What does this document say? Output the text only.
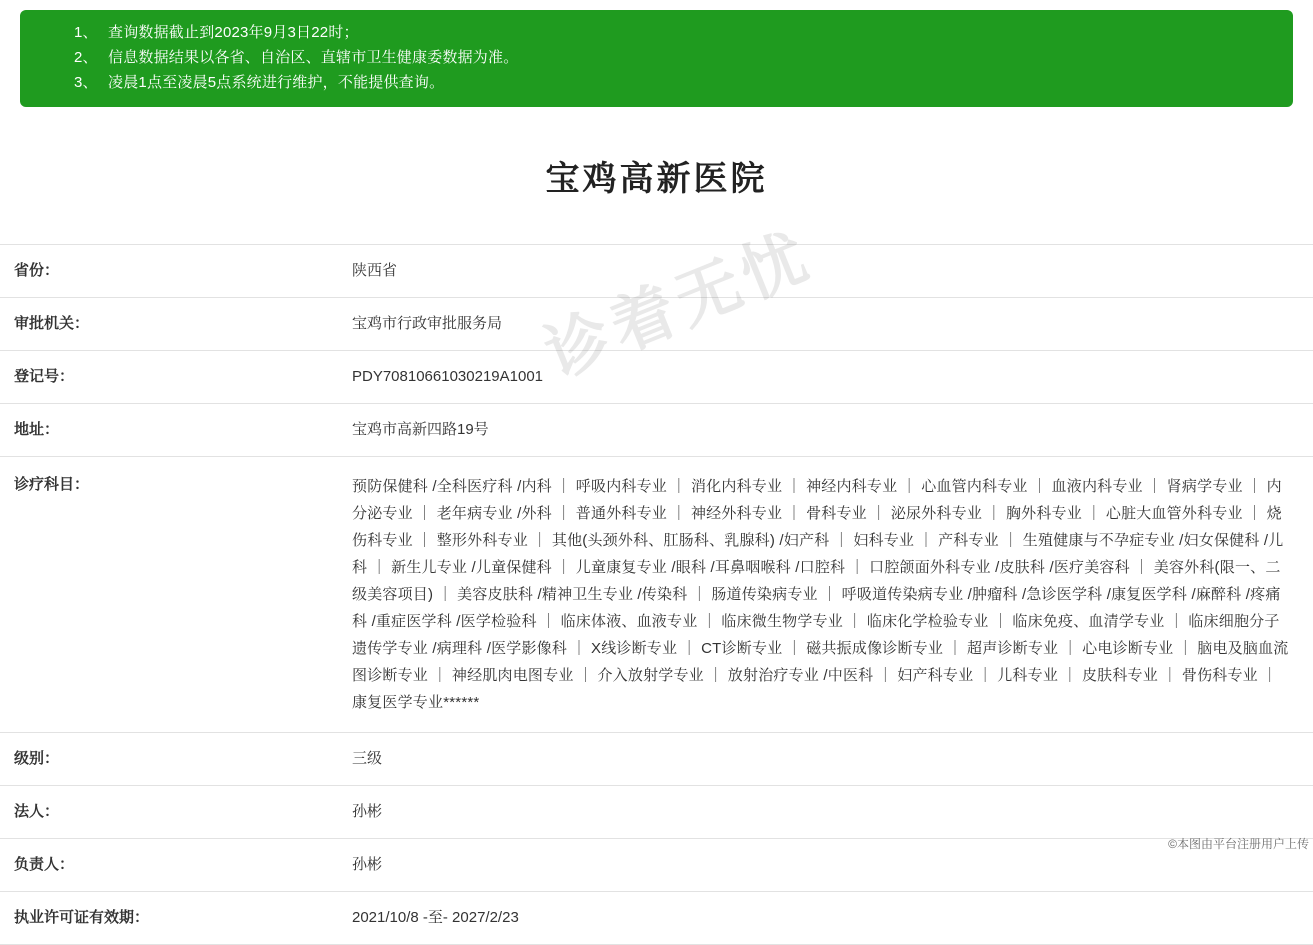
1、 查询数据截止到2023年9月3日22时；
2、 信息数据结果以各省、自治区、直辖市卫生健康委数据为准。
3、 凌晨1点至凌晨5点系统进行维护，不能提供查询。
宝鸡高新医院
省份：	陕西省
审批机关：	宝鸡市行政审批服务局
登记号：	PDY70810661030219A1001
地址：	宝鸡市高新四路19号
诊疗科目：	预防保健科 /全科医疗科 /内科 ｜ 呼吸内科专业 ｜ 消化内科专业 ｜ 神经内科专业 ｜ 心血管内科专业 ｜ 血液内科专业 ｜ 肾病学专业 ｜ 内分泌专业 ｜ 老年病专业 /外科 ｜ 普通外科专业 ｜ 神经外科专业 ｜ 骨科专业 ｜ 泌尿外科专业 ｜ 胸外科专业 ｜ 心脏大血管外科专业 ｜ 烧伤科专业 ｜ 整形外科专业 ｜ 其他(头颈外科、肛肠科、乳腺科) /妇产科 ｜ 妇科专业 ｜ 产科专业 ｜ 生殖健康与不孕症专业 /妇女保健科 /儿科 ｜ 新生儿专业 /儿童保健科 ｜ 儿童康复专业 /眼科 /耳鼻咽喉科 /口腔科 ｜ 口腔颌面外科专业 /皮肤科 /医疗美容科 ｜ 美容外科(限一、二级美容项目) ｜ 美容皮肤科 /精神卫生专业 /传染科 ｜ 肠道传染病专业 ｜ 呼吸道传染病专业 /肿瘤科 /急诊医学科 /康复医学科 /麻醉科 /疼痛科 /重症医学科 /医学检验科 ｜ 临床体液、血液专业 ｜ 临床微生物学专业 ｜ 临床化学检验专业 ｜ 临床免疫、血清学专业 ｜ 临床细胞分子遗传学专业 /病理科 /医学影像科 ｜ X线诊断专业 ｜ CT诊断专业 ｜ 磁共振成像诊断专业 ｜ 超声诊断专业 ｜ 心电诊断专业 ｜ 脑电及脑血流图诊断专业 ｜ 神经肌肉电图专业 ｜ 介入放射学专业 ｜ 放射治疗专业 /中医科 ｜ 妇产科专业 ｜ 儿科专业 ｜ 皮肤科专业 ｜ 骨伤科专业 ｜ 康复医学专业******
级别：	三级
法人：	孙彬
负责人：	孙彬
执业许可证有效期：	2021/10/8 -至- 2027/2/23
诊着无忧
©本图由平台注册用户上传
